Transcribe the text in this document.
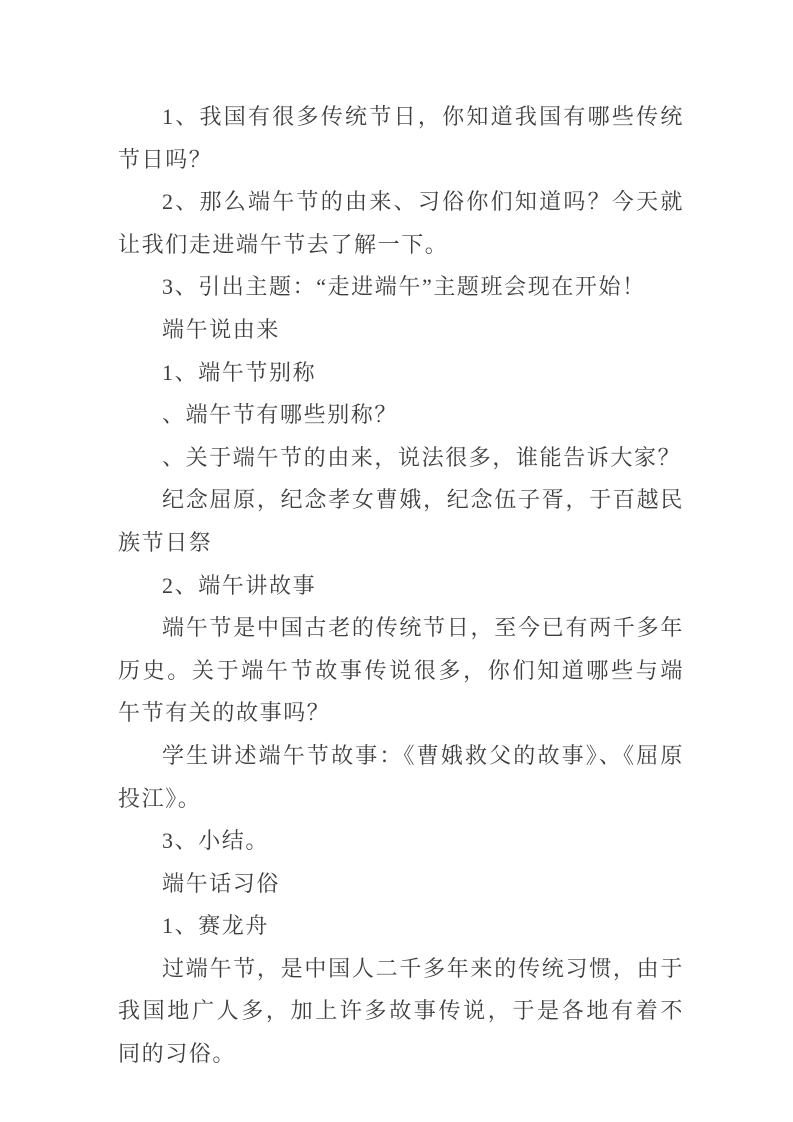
1、我国有很多传统节日，你知道我国有哪些传统节日吗？

2、那么端午节的由来、习俗你们知道吗？今天就让我们走进端午节去了解一下。

3、引出主题：“走进端午”主题班会现在开始！

端午说由来

1、端午节别称

、端午节有哪些别称？

、关于端午节的由来，说法很多，谁能告诉大家？

纪念屈原，纪念孝女曹娥，纪念伍子胥，于百越民族节日祭

2、端午讲故事

端午节是中国古老的传统节日，至今已有两千多年历史。关于端午节故事传说很多，你们知道哪些与端午节有关的故事吗？

学生讲述端午节故事：《曹娥救父的故事》、《屈原投江》。

3、小结。

端午话习俗

1、赛龙舟

过端午节，是中国人二千多年来的传统习惯，由于我国地广人多，加上许多故事传说，于是各地有着不同的习俗。
